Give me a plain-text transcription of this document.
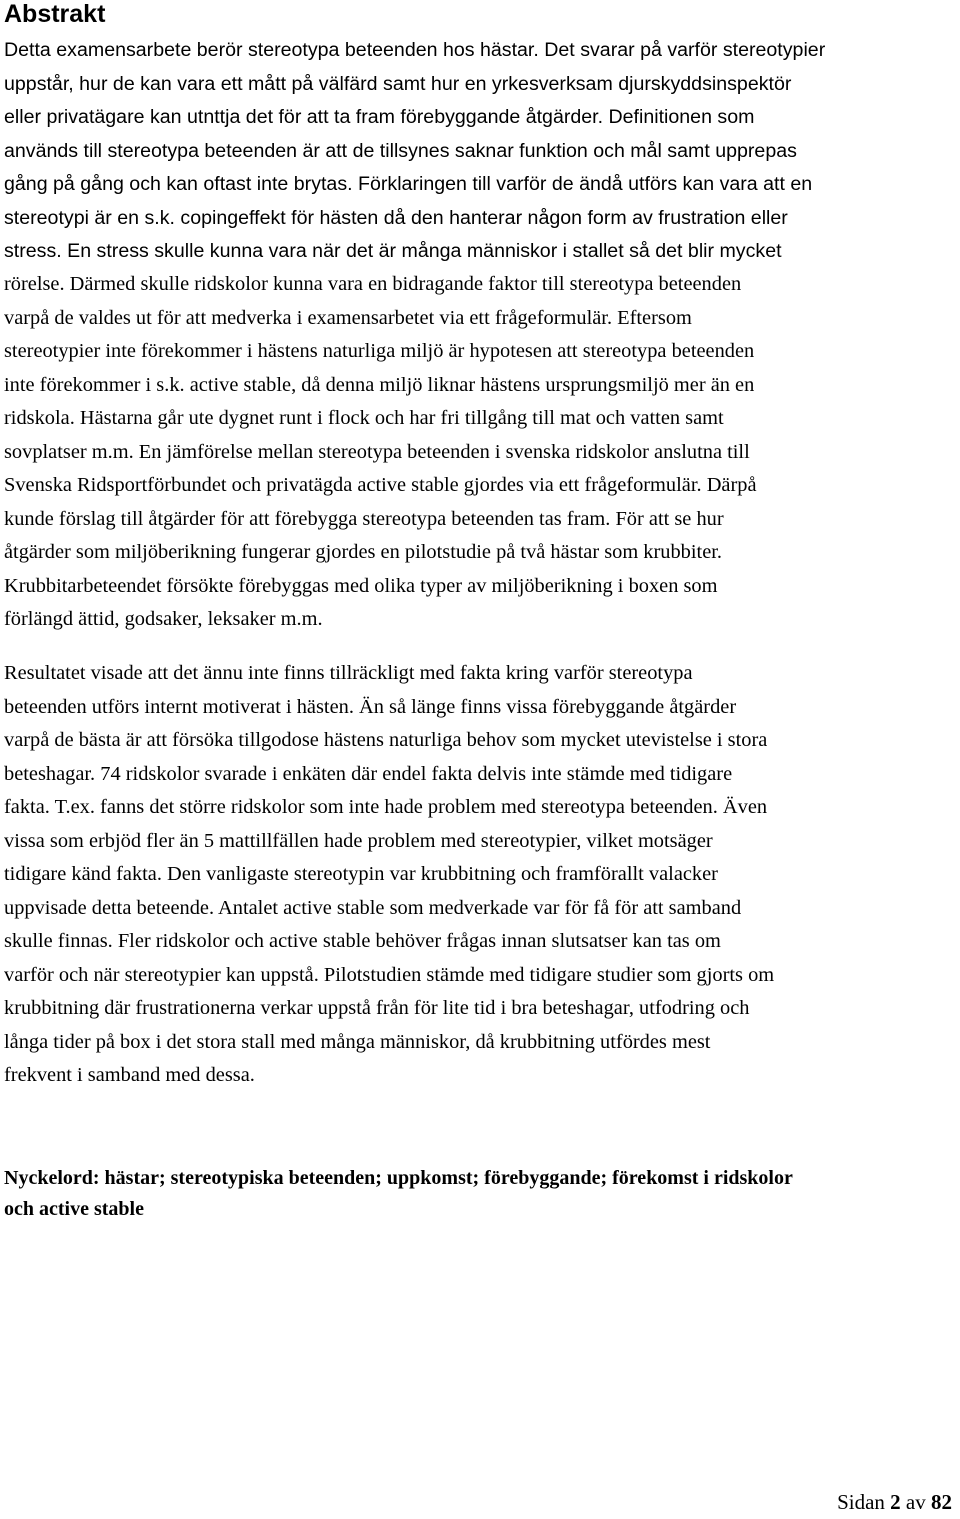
Abstrakt
Detta examensarbete berör stereotypa beteenden hos hästar. Det svarar på varför stereotypier
uppstår, hur de kan vara ett mått på välfärd samt hur en yrkesverksam djurskyddsinspektör
eller privatägare kan utnttja det för att ta fram förebyggande åtgärder. Definitionen som
används till stereotypa beteenden är att de tillsynes saknar funktion och mål samt upprepas
gång på gång och kan oftast inte brytas. Förklaringen till varför de ändå utförs kan vara att en
stereotypi är en s.k. copingeffekt för hästen då den hanterar någon form av frustration eller
stress. En stress skulle kunna vara när det är många människor i stallet så det blir mycket
rörelse. Därmed skulle ridskolor kunna vara en bidragande faktor till stereotypa beteenden
varpå de valdes ut för att medverka i examensarbetet via ett frågeformulär. Eftersom
stereotypier inte förekommer i hästens naturliga miljö är hypotesen att stereotypa beteenden
inte förekommer i s.k. active stable, då denna miljö liknar hästens ursprungsmiljö mer än en
ridskola. Hästarna går ute dygnet runt i flock och har fri tillgång till mat och vatten samt
sovplatser m.m. En jämförelse mellan stereotypa beteenden i svenska ridskolor anslutna till
Svenska Ridsportförbundet och privatägda active stable gjordes via ett frågeformulär. Därpå
kunde förslag till åtgärder för att förebygga stereotypa beteenden tas fram. För att se hur
åtgärder som miljöberikning fungerar gjordes en pilotstudie på två hästar som krubbiter.
Krubbitarbeteendet försökte förebyggas med olika typer av miljöberikning i boxen som
förlängd ättid, godsaker, leksaker m.m.
Resultatet visade att det ännu inte finns tillräckligt med fakta kring varför stereotypa
beteenden utförs internt motiverat i hästen. Än så länge finns vissa förebyggande åtgärder
varpå de bästa är att försöka tillgodose hästens naturliga behov som mycket utevistelse i stora
beteshagar. 74 ridskolor svarade i enkäten där endel fakta delvis inte stämde med tidigare
fakta. T.ex. fanns det större ridskolor som inte hade problem med stereotypa beteenden. Även
vissa som erbjöd fler än 5 mattillfällen hade problem med stereotypier, vilket motsäger
tidigare känd fakta. Den vanligaste stereotypin var krubbitning och framförallt valacker
uppvisade detta beteende. Antalet active stable som medverkade var för få för att samband
skulle finnas. Fler ridskolor och active stable behöver frågas innan slutsatser kan tas om
varför och när stereotypier kan uppstå. Pilotstudien stämde med tidigare studier som gjorts om
krubbitning där frustrationerna verkar uppstå från för lite tid i bra beteshagar, utfodring och
långa tider på box i det stora stall med många människor, då krubbitning utfördes mest
frekvent i samband med dessa.
Nyckelord: hästar; stereotypiska beteenden; uppkomst; förebyggande; förekomst i ridskolor
och active stable
Sidan 2 av 82
